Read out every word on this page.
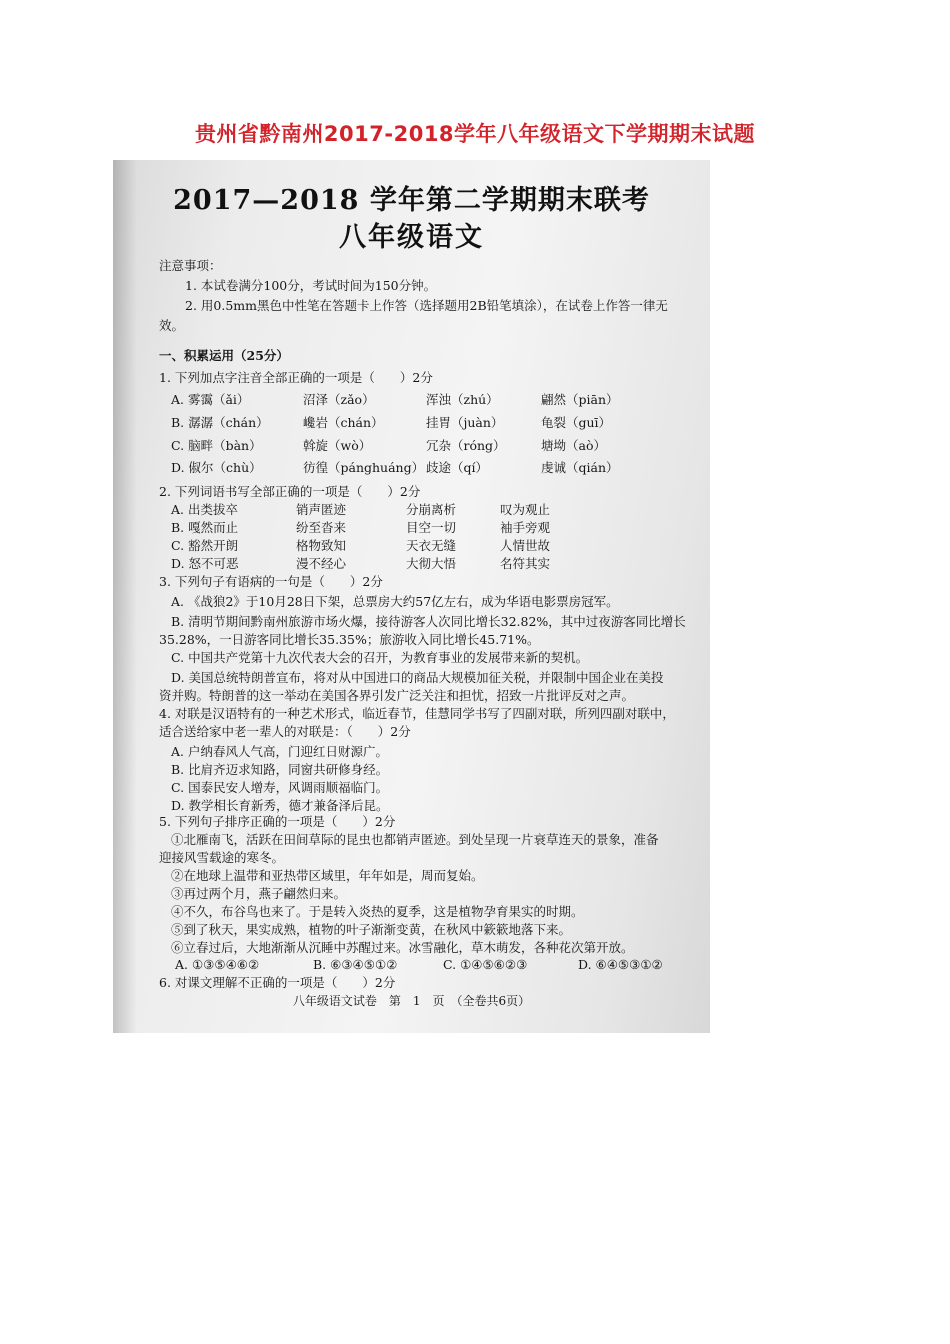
贵州省黔南州2017-2018学年八年级语文下学期期末试题
2017—2018 学年第二学期期末联考
八年级语文
注意事项：
1. 本试卷满分100分，考试时间为150分钟。
2. 用0.5mm黑色中性笔在答题卡上作答（选择题用2B铅笔填涂），在试卷上作答一律无
效。
一、积累运用（25分）
1. 下列加点字注音全部正确的一项是（　　）2分
A. 雾霭（ǎi）	沼泽（zǎo）	浑浊（zhú）	翩然（piān）
B. 潺潺（chán）	巉岩（chán）	挂胃（juàn）	龟裂（guī）
C. 脑畔（bàn）	斡旋（wò）	冗杂（róng）	塘坳（aò）
D. 俶尔（chù）	彷徨（pánghuáng） 歧途（qí）	虔诚（qián）
2. 下列词语书写全部正确的一项是（　　）2分
A. 出类拔卒	销声匿迹	分崩离析	叹为观止
B. 嘎然而止	纷至沓来	目空一切	袖手旁观
C. 豁然开朗	格物致知	天衣无缝	人情世故
D. 怒不可恶	漫不经心	大彻大悟	名符其实
3. 下列句子有语病的一句是（　　）2分
A. 《战狼2》于10月28日下架，总票房大约57亿左右，成为华语电影票房冠军。
B. 清明节期间黔南州旅游市场火爆，接待游客人次同比增长32.82%，其中过夜游客同比增长
35.28%，一日游客同比增长35.35%；旅游收入同比增长45.71%。
C. 中国共产党第十九次代表大会的召开，为教育事业的发展带来新的契机。
D. 美国总统特朗普宣布，将对从中国进口的商品大规模加征关税，并限制中国企业在美投
资并购。特朗普的这一举动在美国各界引发广泛关注和担忧，招致一片批评反对之声。
4. 对联是汉语特有的一种艺术形式，临近春节，佳慧同学书写了四副对联，所列四副对联中，
适合送给家中老一辈人的对联是：（　　）2分
A. 户纳春风人气高，门迎红日财源广。
B. 比肩齐迈求知路，同窗共研修身经。
C. 国泰民安人增寿，风调雨顺福临门。
D. 教学相长育新秀，德才兼备泽后昆。
5. 下列句子排序正确的一项是（　　）2分
①北雁南飞，活跃在田间草际的昆虫也都销声匿迹。到处呈现一片衰草连天的景象，准备
迎接风雪载途的寒冬。
②在地球上温带和亚热带区域里，年年如是，周而复始。
③再过两个月，燕子翩然归来。
④不久，布谷鸟也来了。于是转入炎热的夏季，这是植物孕育果实的时期。
⑤到了秋天，果实成熟，植物的叶子渐渐变黄，在秋风中簌簌地落下来。
⑥立春过后，大地渐渐从沉睡中苏醒过来。冰雪融化，草木萌发，各种花次第开放。
A. ①③⑤④⑥②	B. ⑥③④⑤①②	C. ①④⑤⑥②③	D. ⑥④⑤③①②
6. 对课文理解不正确的一项是（　　）2分
八年级语文试卷　第　1　页　（全卷共6页）
